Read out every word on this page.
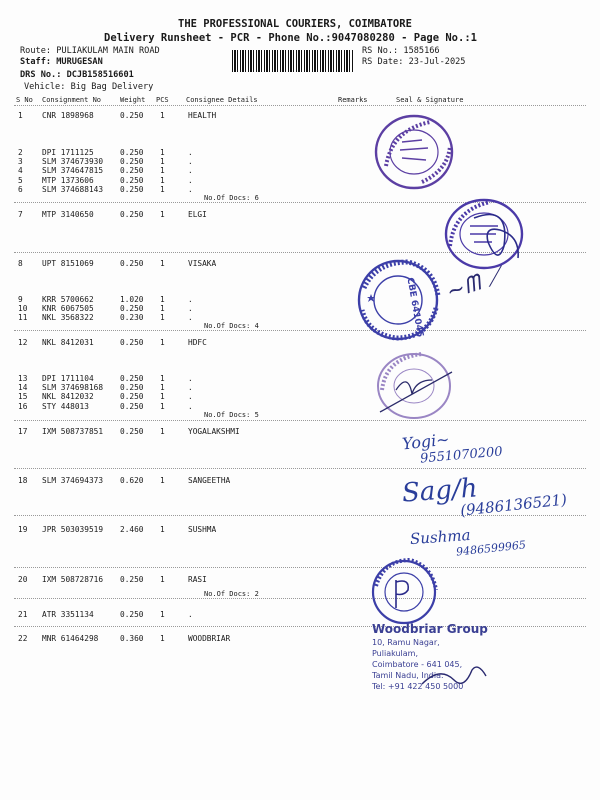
THE PROFESSIONAL COURIERS, COIMBATORE
Delivery Runsheet - PCR - Phone No.:9047080280 - Page No.:1
Route: PULIAKULAM MAIN ROAD
Staff: MURUGESAN
DRS No.: DCJB158516601
Vehicle: Big Bag Delivery
RS No.: 1585166
RS Date: 23-Jul-2025
S No Consignment No	Weight PCS Consignee Details	Remarks	Seal & Signature
1 CNR 1898968	0.250 1	HEALTH
2 DPI 1711125	0.250 1	.
3 SLM 374673930 0.250 1	.
4 SLM 374647815 0.250 1	.
5 MTP 1373606	0.250 1	.
6 SLM 374688143 0.250 1	.
7 MTP 3140650	0.250 1	ELGI
8 UPT 8151069	0.250 1	VISAKA
9 KRR 5700662	1.020 1	.
10 KNR 6067505	0.250 1	.
11 NKL 3568322	0.230 1	.
12 NKL 8412031	0.250 1	HDFC
13 DPI 1711104	0.250 1	.
14 SLM 374698168 0.250 1	.
15 NKL 8412032	0.250 1	.
16 STY 448013	0.250 1	.
17 IXM 508737851 0.250 1	YOGALAKSHMI
18 SLM 374694373 0.620 1	SANGEETHA
19 JPR 503039519 2.460 1	SUSHMA
20 IXM 508728716 0.250 1	RASI
21 ATR 3351134	0.250 1	.
22 MNR 61464298	0.360 1	WOODBRIAR
No.Of Docs: 6
No.Of Docs: 4
No.Of Docs: 5
No.Of Docs: 2
CBE 641045
~ᗰ ⟋
Yogi~
9551070200
Sag/h
(9486136521)
Sushma
9486599965
Woodbriar Group
10, Ramu Nagar,
Puliakulam,
Coimbatore - 641 045,
Tamil Nadu, India.
Tel: +91 422 450 5000
